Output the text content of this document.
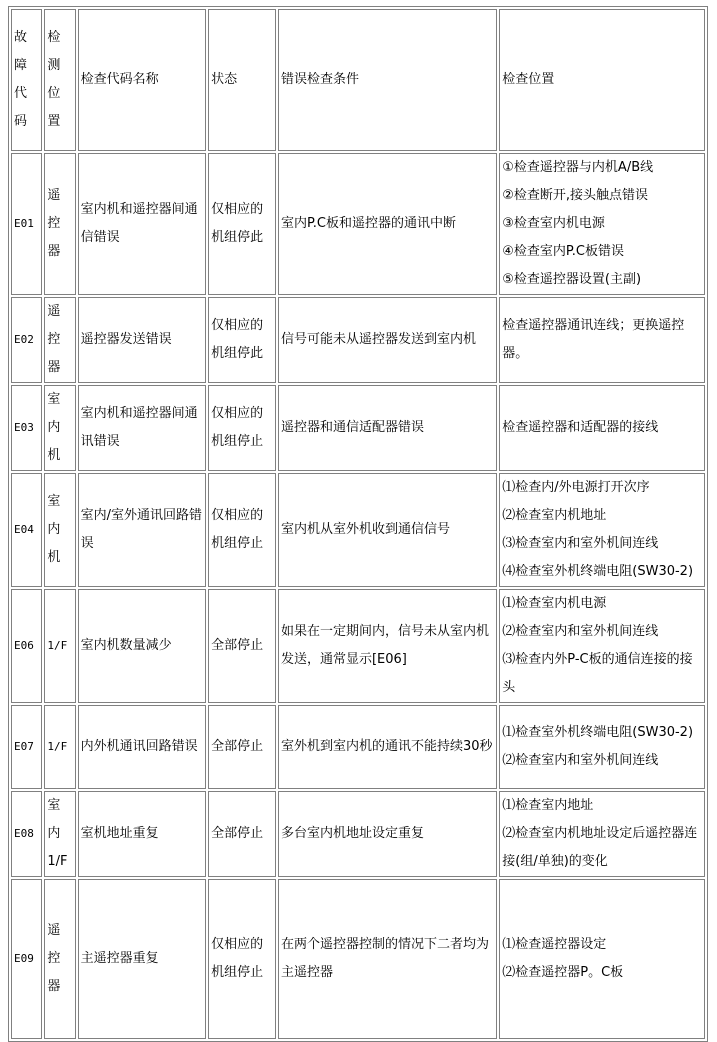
故障代码	检测位置	检查代码名称	状态	错误检查条件	检查位置
E01	遥控器	室内机和遥控器间通信错误	仅相应的机组停此	室内P.C板和遥控器的通讯中断	①检查遥控器与内机A/B线
②检查断开,接头触点错误
③检查室内机电源
④检查室内P.C板错误
⑤检查遥控器设置(主副)

E02	遥控器	遥控器发送错误	仅相应的机组停此	信号可能未从遥控器发送到室内机	检查遥控器通讯连线；更换遥控器。

E03	室内机	室内机和遥控器间通讯错误	仅相应的机组停止	遥控器和通信适配器错误	检查遥控器和适配器的接线

E04	室内机	室内/室外通讯回路错误	仅相应的机组停止	室内机从室外机收到通信信号	⑴检查内/外电源打开次序
⑵检查室内机地址
⑶检查室内和室外机间连线
⑷检查室外机终端电阻(SW30-2)

E06	1/F	室内机数量减少	全部停止	如果在一定期间内，信号未从室内机发送，通常显示[E06]	⑴检查室内机电源
⑵检查室内和室外机间连线
⑶检查内外P-C板的通信连接的接头

E07	1/F	内外机通讯回路错误	全部停止	室外机到室内机的通讯不能持续30秒	⑴检查室外机终端电阻(SW30-2)
⑵检查室内和室外机间连线

E08	室内1/F	室机地址重复	全部停止	多台室内机地址设定重复	⑴检查室内地址
⑵检查室内机地址设定后遥控器连接(组/单独)的变化

E09	遥控器	主遥控器重复	仅相应的机组停止	在两个遥控器控制的情况下二者均为主遥控器	⑴检查遥控器设定
⑵检查遥控器P。C板
